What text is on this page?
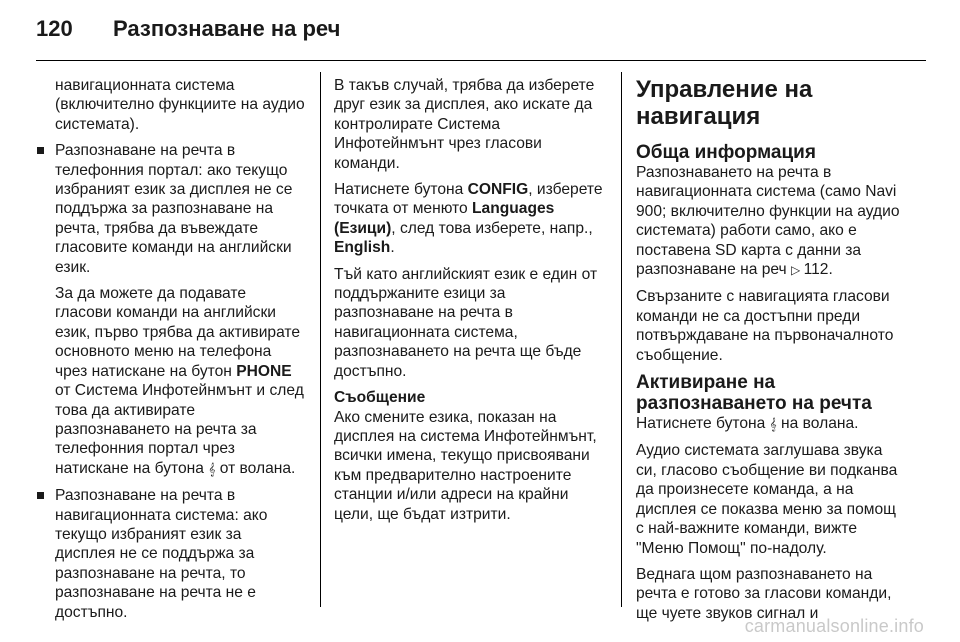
120 Разпознаване на реч

навигационната система (включително функциите на аудио системата).

Разпознаване на речта в телефонния портал: ако текущо избраният език за дисплея не се поддържа за разпознаване на речта, трябва да въвеждате гласовите команди на английски език.

За да можете да подавате гласови команди на английски език, първо трябва да активирате основното меню на телефона чрез натискане на бутон PHONE от Система Инфотейнмънт и след това да активирате разпознаването на речта за телефонния портал чрез натискане на бутона 𝄞 от волана.

Разпознаване на речта в навигационната система: ако текущо избраният език за дисплея не се поддържа за разпознаване на речта, то разпознаване на речта не е достъпно.

В такъв случай, трябва да изберете друг език за дисплея, ако искате да контролирате Система Инфотейнмънт чрез гласови команди.

Натиснете бутона CONFIG, изберете точката от менюто Languages (Езици), след това изберете, напр., English.

Тъй като английският език е един от поддържаните езици за разпознаване на речта в навигационната система, разпознаването на речта ще бъде достъпно.

Съобщение

Ако смените езика, показан на дисплея на система Инфотейнмънт, всички имена, текущо присвоявани към предварително настроените станции и/или адреси на крайни цели, ще бъдат изтрити.

Управление на навигация
Обща информация

Разпознаването на речта в навигационната система (само Navi 900; включително функции на аудио системата) работи само, ако е поставена SD карта с данни за разпознаване на реч ▷ 112.

Свързаните с навигацията гласови команди не са достъпни преди потвърждаване на първоначалното съобщение.

Активиране на разпознаването на речта

Натиснете бутона 𝄞 на волана.

Аудио системата заглушава звука си, гласово съобщение ви подканва да произнесете команда, а на дисплея се показва меню за помощ с най-важните команди, вижте "Меню Помощ" по-надолу.

Веднага щом разпознаването на речта е готово за гласови команди, ще чуете звуков сигнал и

carmanualsonline.info
